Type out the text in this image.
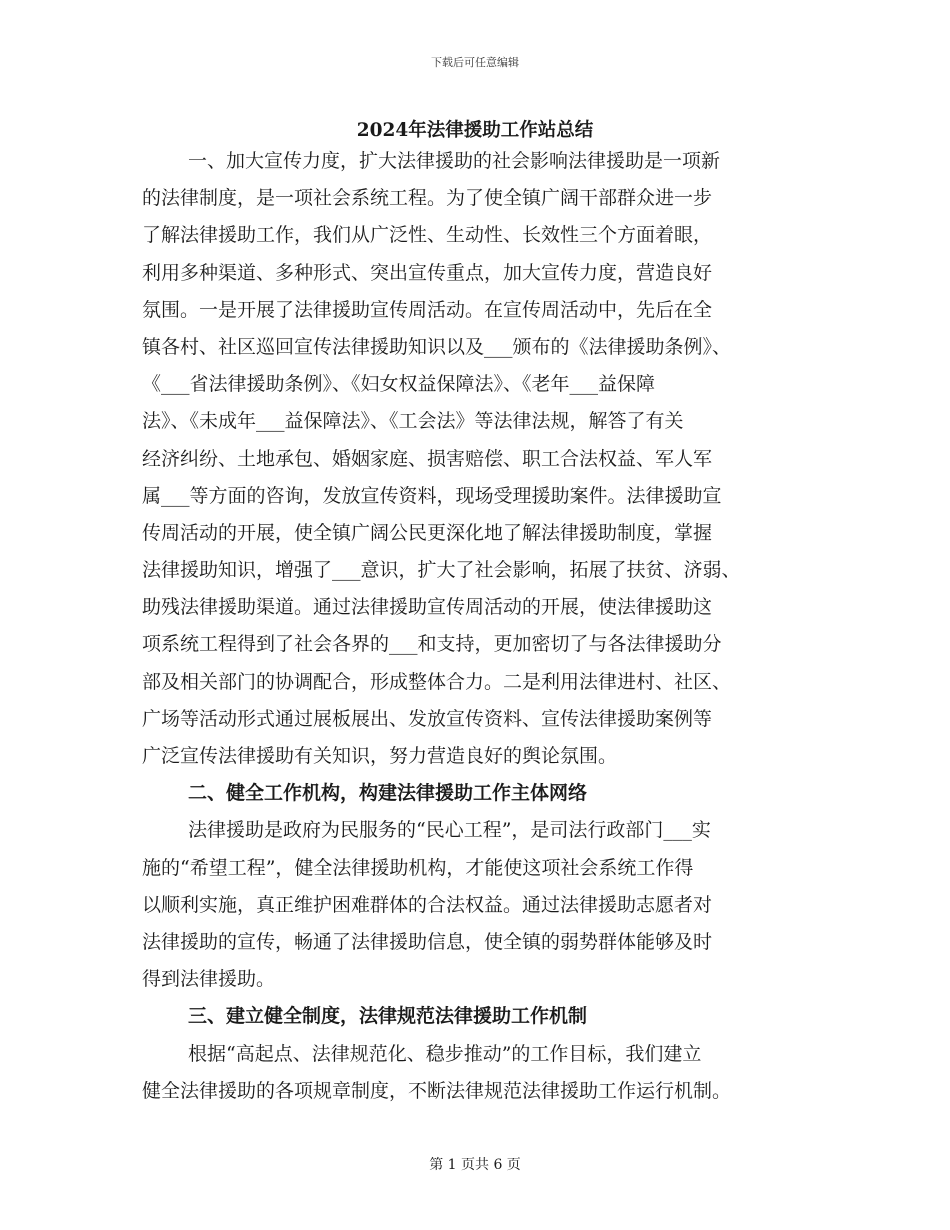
下载后可任意编辑
2024年法律援助工作站总结
一、加大宣传力度，扩大法律援助的社会影响法律援助是一项新
的法律制度，是一项社会系统工程。为了使全镇广阔干部群众进一步
了解法律援助工作，我们从广泛性、生动性、长效性三个方面着眼，
利用多种渠道、多种形式、突出宣传重点，加大宣传力度，营造良好
氛围。一是开展了法律援助宣传周活动。在宣传周活动中，先后在全
镇各村、社区巡回宣传法律援助知识以及___颁布的《法律援助条例》、
《___省法律援助条例》、《妇女权益保障法》、《老年___益保障
法》、《未成年___益保障法》、《工会法》等法律法规，解答了有关
经济纠纷、土地承包、婚姻家庭、损害赔偿、职工合法权益、军人军
属___等方面的咨询，发放宣传资料，现场受理援助案件。法律援助宣
传周活动的开展，使全镇广阔公民更深化地了解法律援助制度，掌握
法律援助知识，增强了___意识，扩大了社会影响，拓展了扶贫、济弱、
助残法律援助渠道。通过法律援助宣传周活动的开展，使法律援助这
项系统工程得到了社会各界的___和支持，更加密切了与各法律援助分
部及相关部门的协调配合，形成整体合力。二是利用法律进村、社区、
广场等活动形式通过展板展出、发放宣传资料、宣传法律援助案例等
广泛宣传法律援助有关知识，努力营造良好的舆论氛围。
二、健全工作机构，构建法律援助工作主体网络
法律援助是政府为民服务的“民心工程”，是司法行政部门___实
施的“希望工程”，健全法律援助机构，才能使这项社会系统工作得
以顺利实施，真正维护困难群体的合法权益。通过法律援助志愿者对
法律援助的宣传，畅通了法律援助信息，使全镇的弱势群体能够及时
得到法律援助。
三、建立健全制度，法律规范法律援助工作机制
根据“高起点、法律规范化、稳步推动”的工作目标，我们建立
健全法律援助的各项规章制度，不断法律规范法律援助工作运行机制。
第 1 页共 6 页
